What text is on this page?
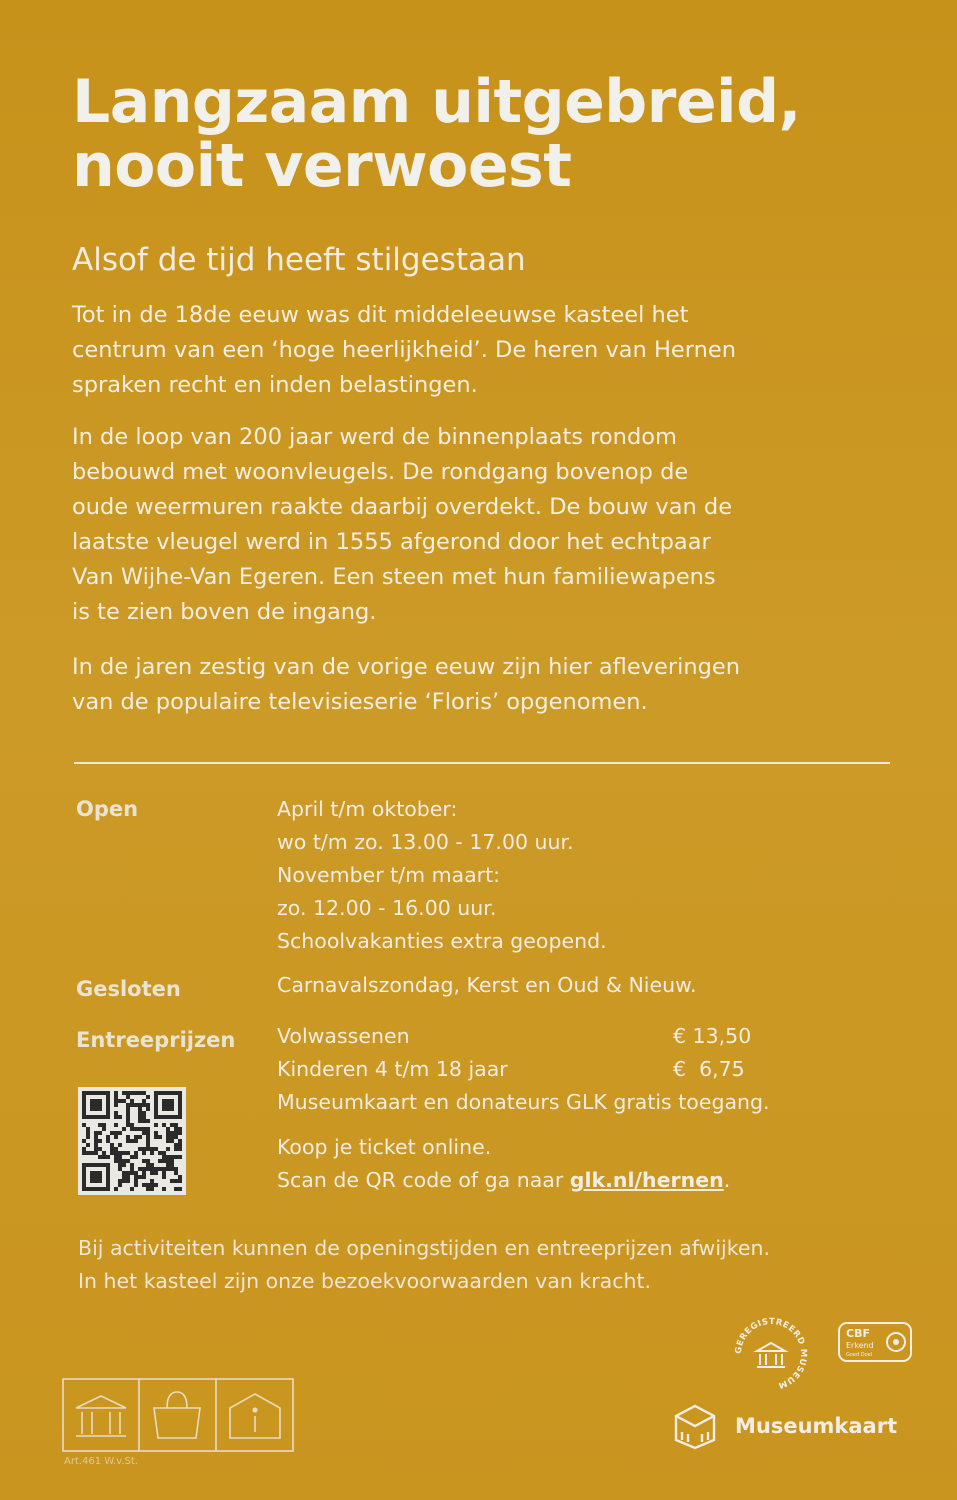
Langzaam uitgebreid,
nooit verwoest
Alsof de tijd heeft stilgestaan
Tot in de 18de eeuw was dit middeleeuwse kasteel het
centrum van een ‘hoge heerlijkheid’. De heren van Hernen
spraken recht en inden belastingen.
In de loop van 200 jaar werd de binnenplaats rondom
bebouwd met woonvleugels. De rondgang bovenop de
oude weermuren raakte daarbij overdekt. De bouw van de
laatste vleugel werd in 1555 afgerond door het echtpaar
Van Wijhe-Van Egeren. Een steen met hun familiewapens
is te zien boven de ingang.
In de jaren zestig van de vorige eeuw zijn hier afleveringen
van de populaire televisieserie ‘Floris’ opgenomen.
Open	April t/m oktober:
wo t/m zo. 13.00 - 17.00 uur.
November t/m maart:
zo. 12.00 - 16.00 uur.
Schoolvakanties extra geopend.
Gesloten	Carnavalszondag, Kerst en Oud & Nieuw.
Entreeprijzen Volwassenen	€ 13,50
Kinderen 4 t/m 18 jaar	€  6,75
Museumkaart en donateurs GLK gratis toegang.
Koop je ticket online.
Scan de QR code of ga naar glk.nl/hernen.
Bij activiteiten kunnen de openingstijden en entreeprijzen afwijken.
In het kasteel zijn onze bezoekvoorwaarden van kracht.
GEREGISTREERD MUSEUM
CBF
Erkend
Goed Doel
Museumkaart
Art.461 W.v.St.
